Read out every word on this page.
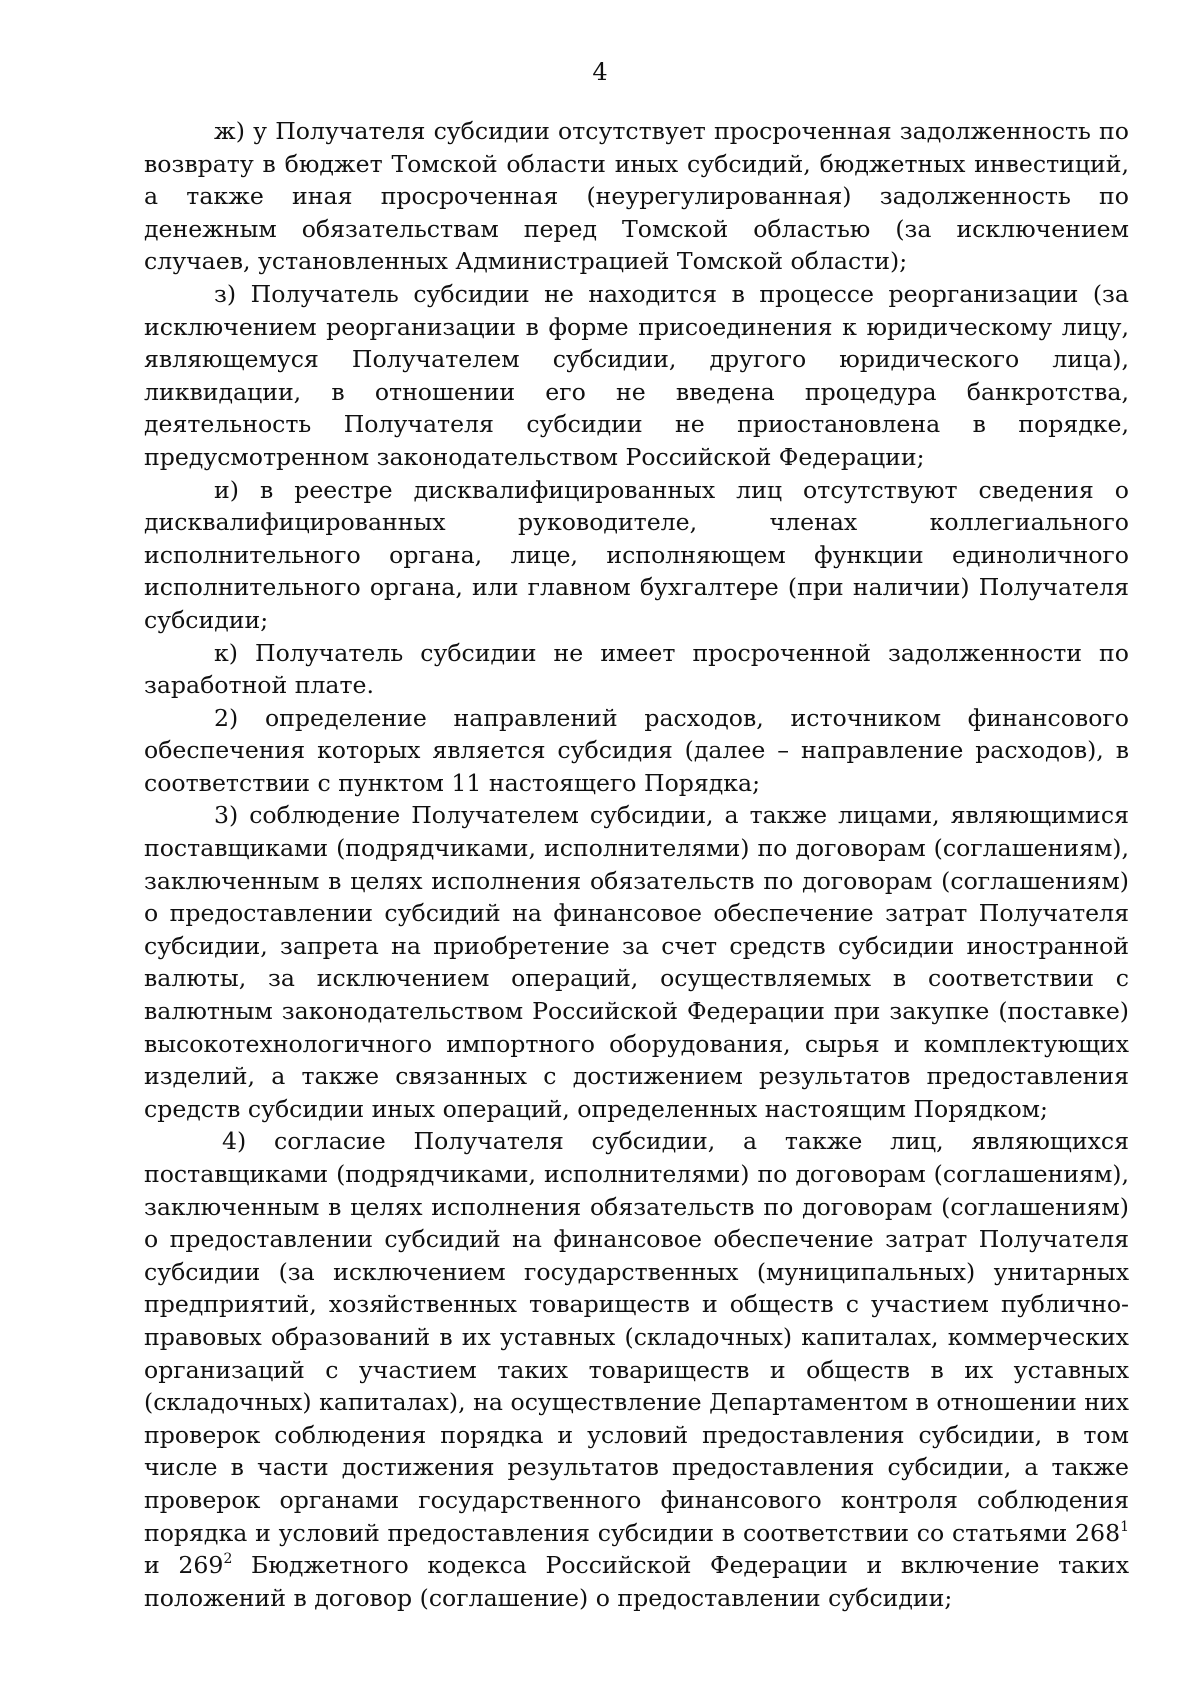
4

ж) у Получателя субсидии отсутствует просроченная задолженность по возврату в бюджет Томской области иных субсидий, бюджетных инвестиций, а также иная просроченная (неурегулированная) задолженность по денежным обязательствам перед Томской областью (за исключением случаев, установленных Администрацией Томской области);

з) Получатель субсидии не находится в процессе реорганизации (за исключением реорганизации в форме присоединения к юридическому лицу, являющемуся Получателем субсидии, другого юридического лица), ликвидации, в отношении его не введена процедура банкротства, деятельность Получателя субсидии не приостановлена в порядке, предусмотренном законодательством Российской Федерации;

и) в реестре дисквалифицированных лиц отсутствуют сведения о дисквалифицированных руководителе, членах коллегиального исполнительного органа, лице, исполняющем функции единоличного исполнительного органа, или главном бухгалтере (при наличии) Получателя субсидии;

к) Получатель субсидии не имеет просроченной задолженности по заработной плате.

2) определение направлений расходов, источником финансового обеспечения которых является субсидия (далее – направление расходов), в соответствии с пунктом 11 настоящего Порядка;

3) соблюдение Получателем субсидии, а также лицами, являющимися поставщиками (подрядчиками, исполнителями) по договорам (соглашениям), заключенным в целях исполнения обязательств по договорам (соглашениям) о предоставлении субсидий на финансовое обеспечение затрат Получателя субсидии, запрета на приобретение за счет средств субсидии иностранной валюты, за исключением операций, осуществляемых в соответствии с валютным законодательством Российской Федерации при закупке (поставке) высокотехнологичного импортного оборудования, сырья и комплектующих изделий, а также связанных с достижением результатов предоставления средств субсидии иных операций, определенных настоящим Порядком;

4) согласие Получателя субсидии, а также лиц, являющихся поставщиками (подрядчиками, исполнителями) по договорам (соглашениям), заключенным в целях исполнения обязательств по договорам (соглашениям) о предоставлении субсидий на финансовое обеспечение затрат Получателя субсидии (за исключением государственных (муниципальных) унитарных предприятий, хозяйственных товариществ и обществ с участием публично-правовых образований в их уставных (складочных) капиталах, коммерческих организаций с участием таких товариществ и обществ в их уставных (складочных) капиталах), на осуществление Департаментом в отношении них проверок соблюдения порядка и условий предоставления субсидии, в том числе в части достижения результатов предоставления субсидии, а также проверок органами государственного финансового контроля соблюдения порядка и условий предоставления субсидии в соответствии со статьями $268^1$ и $269^2$ Бюджетного кодекса Российской Федерации и включение таких положений в договор (соглашение) о предоставлении субсидии;
